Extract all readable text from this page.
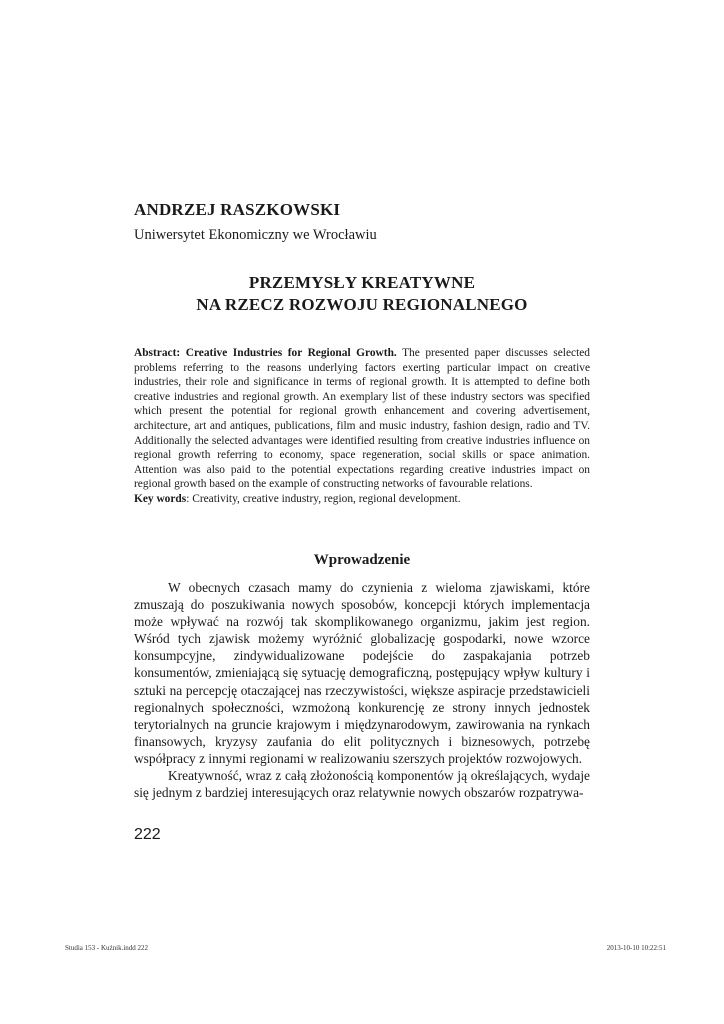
ANDRZEJ RASZKOWSKI
Uniwersytet Ekonomiczny we Wrocławiu
PRZEMYSŁY KREATYWNE
NA RZECZ ROZWOJU REGIONALNEGO

Abstract: Creative Industries for Regional Growth. The presented paper discusses selected problems referring to the reasons underlying factors exerting particular impact on creative industries, their role and significance in terms of regional growth. It is attempted to define both creative industries and regional growth. An exemplary list of these industry sectors was specified which present the potential for regional growth enhancement and covering advertisement, architecture, art and antiques, publications, film and music industry, fashion design, radio and TV. Additionally the selected advantages were identified resulting from creative industries influence on regional growth referring to economy, space regeneration, social skills or space animation. Attention was also paid to the potential expectations regarding creative industries impact on regional growth based on the example of constructing networks of favourable relations.

Key words: Creativity, creative industry, region, regional development.

Wprowadzenie

W obecnych czasach mamy do czynienia z wieloma zjawiskami, które zmuszają do poszukiwania nowych sposobów, koncepcji których implementacja może wpływać na rozwój tak skomplikowanego organizmu, jakim jest region. Wśród tych zjawisk możemy wyróżnić globalizację gospodarki, nowe wzorce konsumpcyjne, zindywidualizowane podejście do zaspakajania potrzeb konsumentów, zmieniającą się sytuację demograficzną, postępujący wpływ kultury i sztuki na percepcję otaczającej nas rzeczywistości, większe aspiracje przedstawicieli regionalnych społeczności, wzmożoną konkurencję ze strony innych jednostek terytorialnych na gruncie krajowym i międzynarodowym, zawirowania na rynkach finansowych, kryzysy zaufania do elit politycznych i biznesowych, potrzebę współpracy z innymi regionami w realizowaniu szerszych projektów rozwojowych.

Kreatywność, wraz z całą złożonością komponentów ją określających, wydaje się jednym z bardziej interesujących oraz relatywnie nowych obszarów rozpatrywa-

222
Studia 153 - Kuźnik.indd 222	2013-10-10 10:22:51
